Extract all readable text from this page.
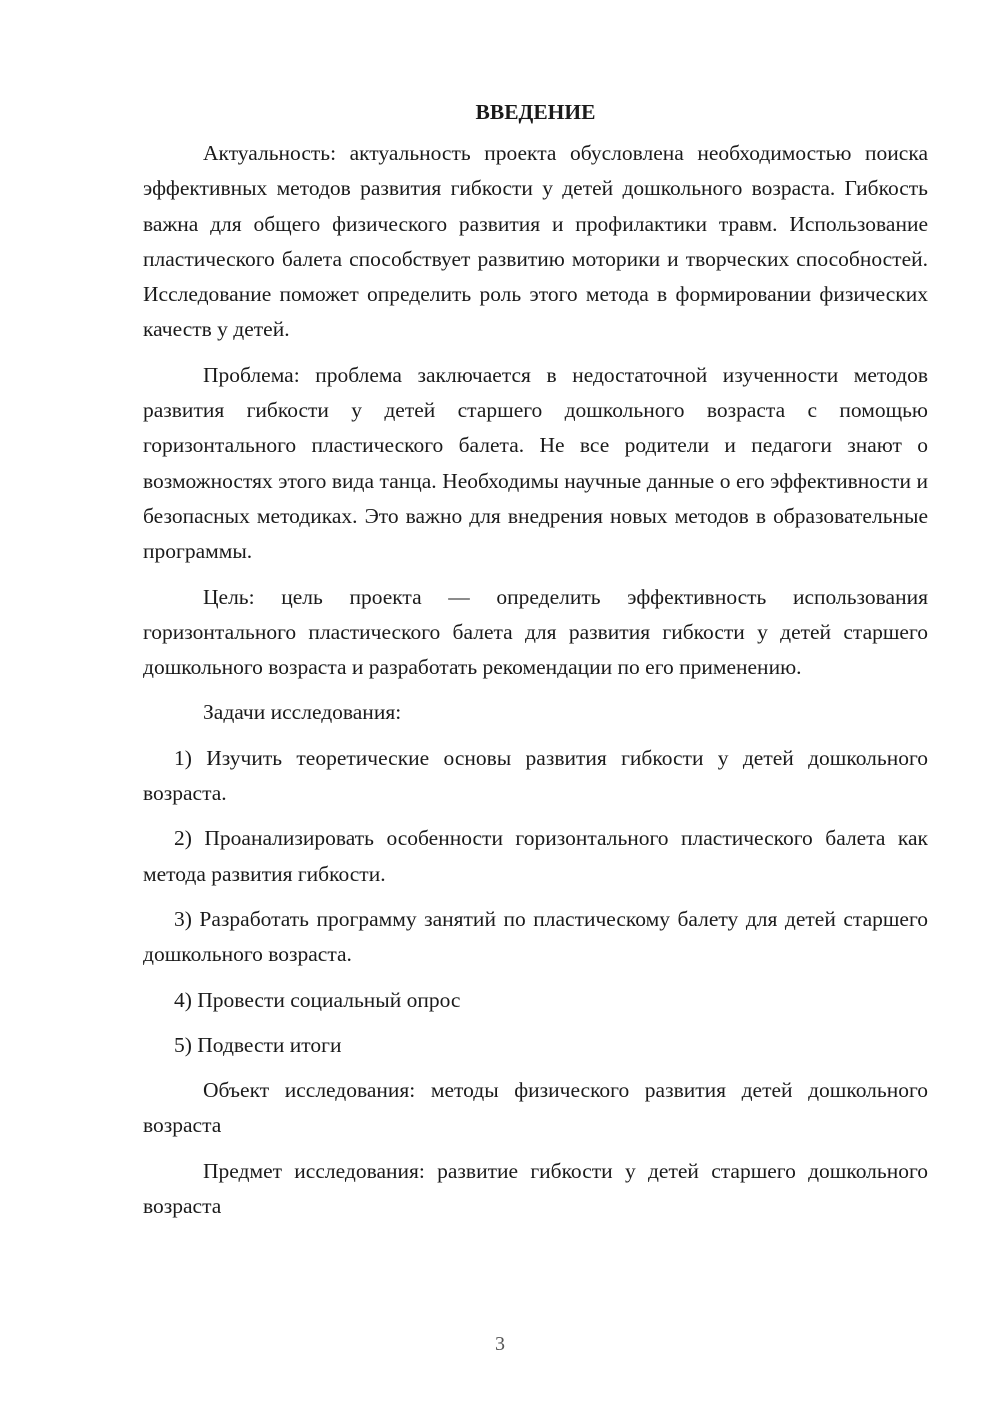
ВВЕДЕНИЕ

Актуальность: актуальность проекта обусловлена необходимостью поиска эффективных методов развития гибкости у детей дошкольного возраста. Гибкость важна для общего физического развития и профилактики травм. Использование пластического балета способствует развитию моторики и творческих способностей. Исследование поможет определить роль этого метода в формировании физических качеств у детей.

Проблема: проблема заключается в недостаточной изученности методов развития гибкости у детей старшего дошкольного возраста с помощью горизонтального пластического балета. Не все родители и педагоги знают о возможностях этого вида танца. Необходимы научные данные о его эффективности и безопасных методиках. Это важно для внедрения новых методов в образовательные программы.

Цель: цель проекта — определить эффективность использования горизонтального пластического балета для развития гибкости у детей старшего дошкольного возраста и разработать рекомендации по его применению.

Задачи исследования:

1) Изучить теоретические основы развития гибкости у детей дошкольного возраста.

2) Проанализировать особенности горизонтального пластического балета как метода развития гибкости.

3) Разработать программу занятий по пластическому балету для детей старшего дошкольного возраста.

4) Провести социальный опрос

5) Подвести итоги

Объект исследования: методы физического развития детей дошкольного возраста

Предмет исследования: развитие гибкости у детей старшего дошкольного возраста

3
